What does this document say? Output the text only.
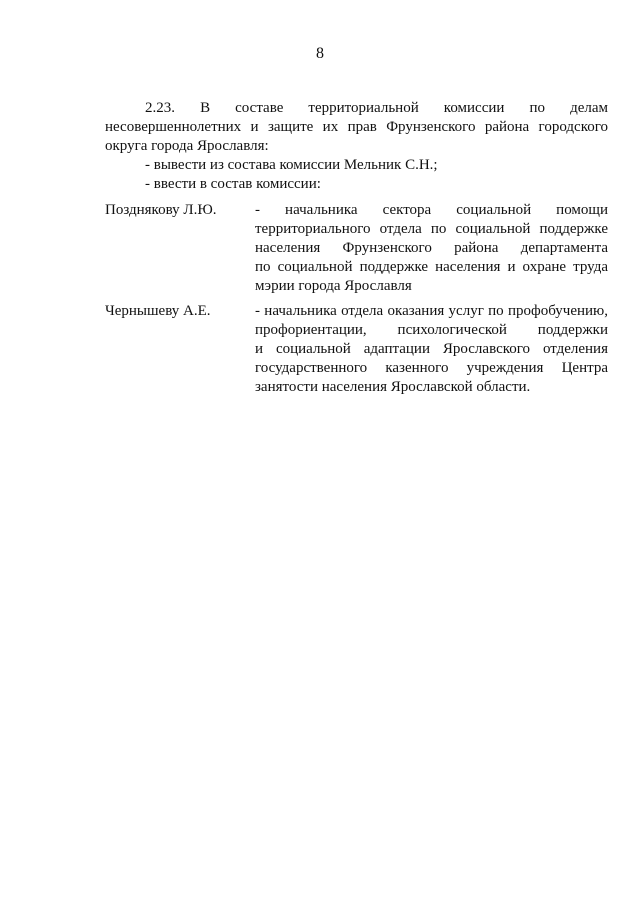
8
2.23. В составе территориальной комиссии по делам
несовершеннолетних и защите их прав Фрунзенского района городского
округа города Ярославля:
- вывести из состава комиссии Мельник С.Н.;
- ввести в состав комиссии:
Позднякову Л.Ю.	- начальника сектора социальной помощи
территориального отдела по социальной поддержке
населения Фрунзенского района департамента
по социальной поддержке населения и охране труда
мэрии города Ярославля
Чернышеву А.Е.	- начальника отдела оказания услуг по профобучению,
профориентации, психологической поддержки
и социальной адаптации Ярославского отделения
государственного казенного учреждения Центра
занятости населения Ярославской области.
